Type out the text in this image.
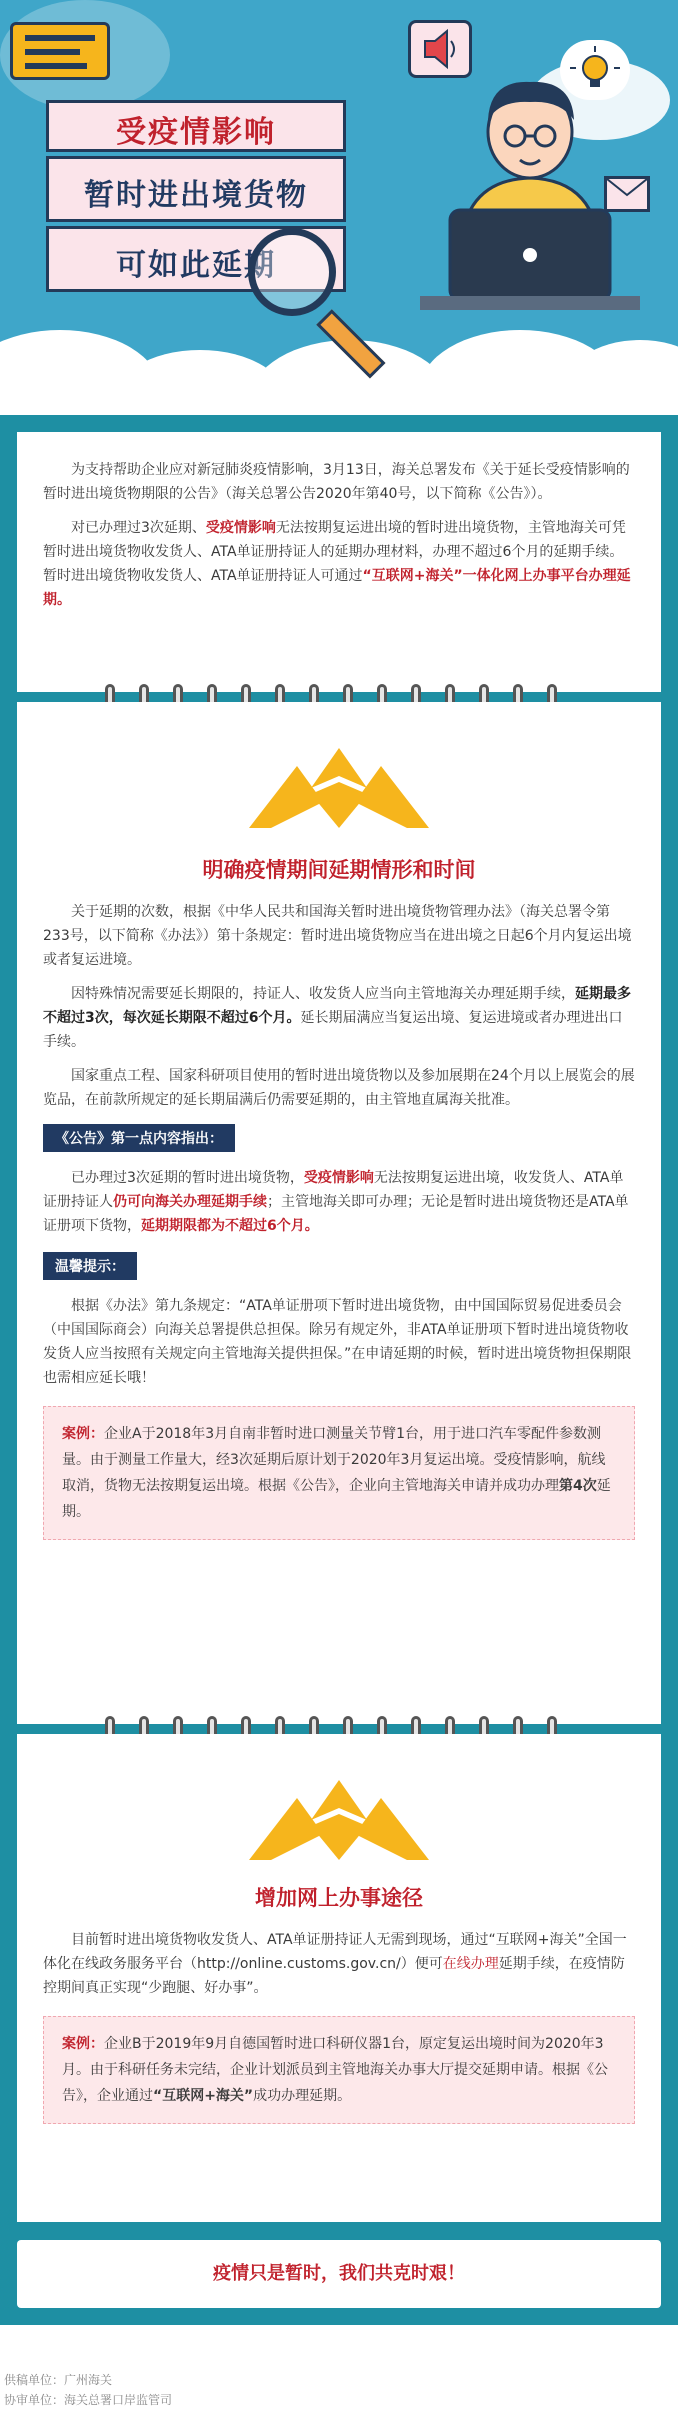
受疫情影响
暂时进出境货物
可如此延期

为支持帮助企业应对新冠肺炎疫情影响，3月13日，海关总署发布《关于延长受疫情影响的暂时进出境货物期限的公告》（海关总署公告2020年第40号，以下简称《公告》）。

对已办理过3次延期、受疫情影响无法按期复运进出境的暂时进出境货物，主管地海关可凭暂时进出境货物收发货人、ATA单证册持证人的延期办理材料，办理不超过6个月的延期手续。暂时进出境货物收发货人、ATA单证册持证人可通过“互联网+海关”一体化网上办事平台办理延期。

明确疫情期间延期情形和时间

关于延期的次数，根据《中华人民共和国海关暂时进出境货物管理办法》（海关总署令第233号，以下简称《办法》）第十条规定：暂时进出境货物应当在进出境之日起6个月内复运出境或者复运进境。

因特殊情况需要延长期限的，持证人、收发货人应当向主管地海关办理延期手续，延期最多不超过3次，每次延长期限不超过6个月。延长期届满应当复运出境、复运进境或者办理进出口手续。

国家重点工程、国家科研项目使用的暂时进出境货物以及参加展期在24个月以上展览会的展览品，在前款所规定的延长期届满后仍需要延期的，由主管地直属海关批准。

《公告》第一点内容指出：

已办理过3次延期的暂时进出境货物，受疫情影响无法按期复运进出境，收发货人、ATA单证册持证人仍可向海关办理延期手续；主管地海关即可办理；无论是暂时进出境货物还是ATA单证册项下货物，延期期限都为不超过6个月。

温馨提示：

根据《办法》第九条规定：“ATA单证册项下暂时进出境货物，由中国国际贸易促进委员会（中国国际商会）向海关总署提供总担保。除另有规定外，非ATA单证册项下暂时进出境货物收发货人应当按照有关规定向主管地海关提供担保。”在申请延期的时候，暂时进出境货物担保期限也需相应延长哦！

案例：企业A于2018年3月自南非暂时进口测量关节臂1台，用于进口汽车零配件参数测量。由于测量工作量大，经3次延期后原计划于2020年3月复运出境。受疫情影响，航线取消，货物无法按期复运出境。根据《公告》，企业向主管地海关申请并成功办理第4次延期。
增加网上办事途径

目前暂时进出境货物收发货人、ATA单证册持证人无需到现场，通过“互联网+海关”全国一体化在线政务服务平台（http://online.customs.gov.cn/）便可在线办理延期手续，在疫情防控期间真正实现“少跑腿、好办事”。

案例：企业B于2019年9月自德国暂时进口科研仪器1台，原定复运出境时间为2020年3月。由于科研任务未完结，企业计划派员到主管地海关办事大厅提交延期申请。根据《公告》，企业通过“互联网+海关”成功办理延期。
疫情只是暂时，我们共克时艰！
供稿单位：广州海关
协审单位：海关总署口岸监管司
